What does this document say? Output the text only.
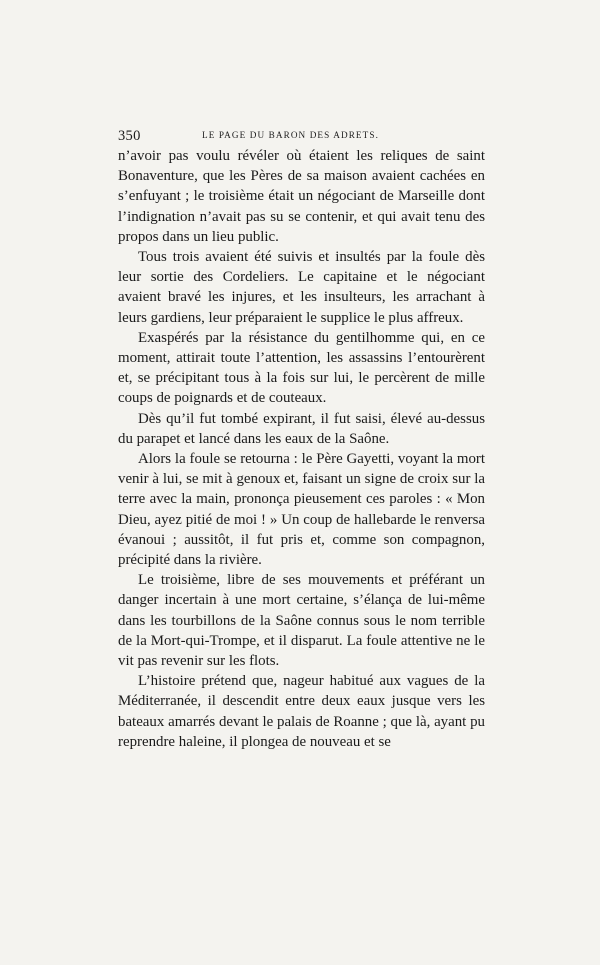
350	LE PAGE DU BARON DES ADRETS.

n’avoir pas voulu révéler où étaient les reliques de saint Bonaventure, que les Pères de sa maison avaient cachées en s’enfuyant ; le troisième était un négociant de Marseille dont l’indignation n’avait pas su se contenir, et qui avait tenu des propos dans un lieu public.

Tous trois avaient été suivis et insultés par la foule dès leur sortie des Cordeliers. Le capitaine et le négociant avaient bravé les injures, et les insulteurs, les arrachant à leurs gardiens, leur préparaient le supplice le plus affreux.

Exaspérés par la résistance du gentilhomme qui, en ce moment, attirait toute l’attention, les assassins l’entourèrent et, se précipitant tous à la fois sur lui, le percèrent de mille coups de poignards et de couteaux.

Dès qu’il fut tombé expirant, il fut saisi, élevé au-dessus du parapet et lancé dans les eaux de la Saône.

Alors la foule se retourna : le Père Gayetti, voyant la mort venir à lui, se mit à genoux et, faisant un signe de croix sur la terre avec la main, prononça pieusement ces paroles : « Mon Dieu, ayez pitié de moi ! » Un coup de hallebarde le renversa évanoui ; aussitôt, il fut pris et, comme son compagnon, précipité dans la rivière.

Le troisième, libre de ses mouvements et préférant un danger incertain à une mort certaine, s’élança de lui-même dans les tourbillons de la Saône connus sous le nom terrible de la Mort-qui-Trompe, et il disparut. La foule attentive ne le vit pas revenir sur les flots.

L’histoire prétend que, nageur habitué aux vagues de la Méditerranée, il descendit entre deux eaux jusque vers les bateaux amarrés devant le palais de Roanne ; que là, ayant pu reprendre haleine, il plongea de nouveau et se
